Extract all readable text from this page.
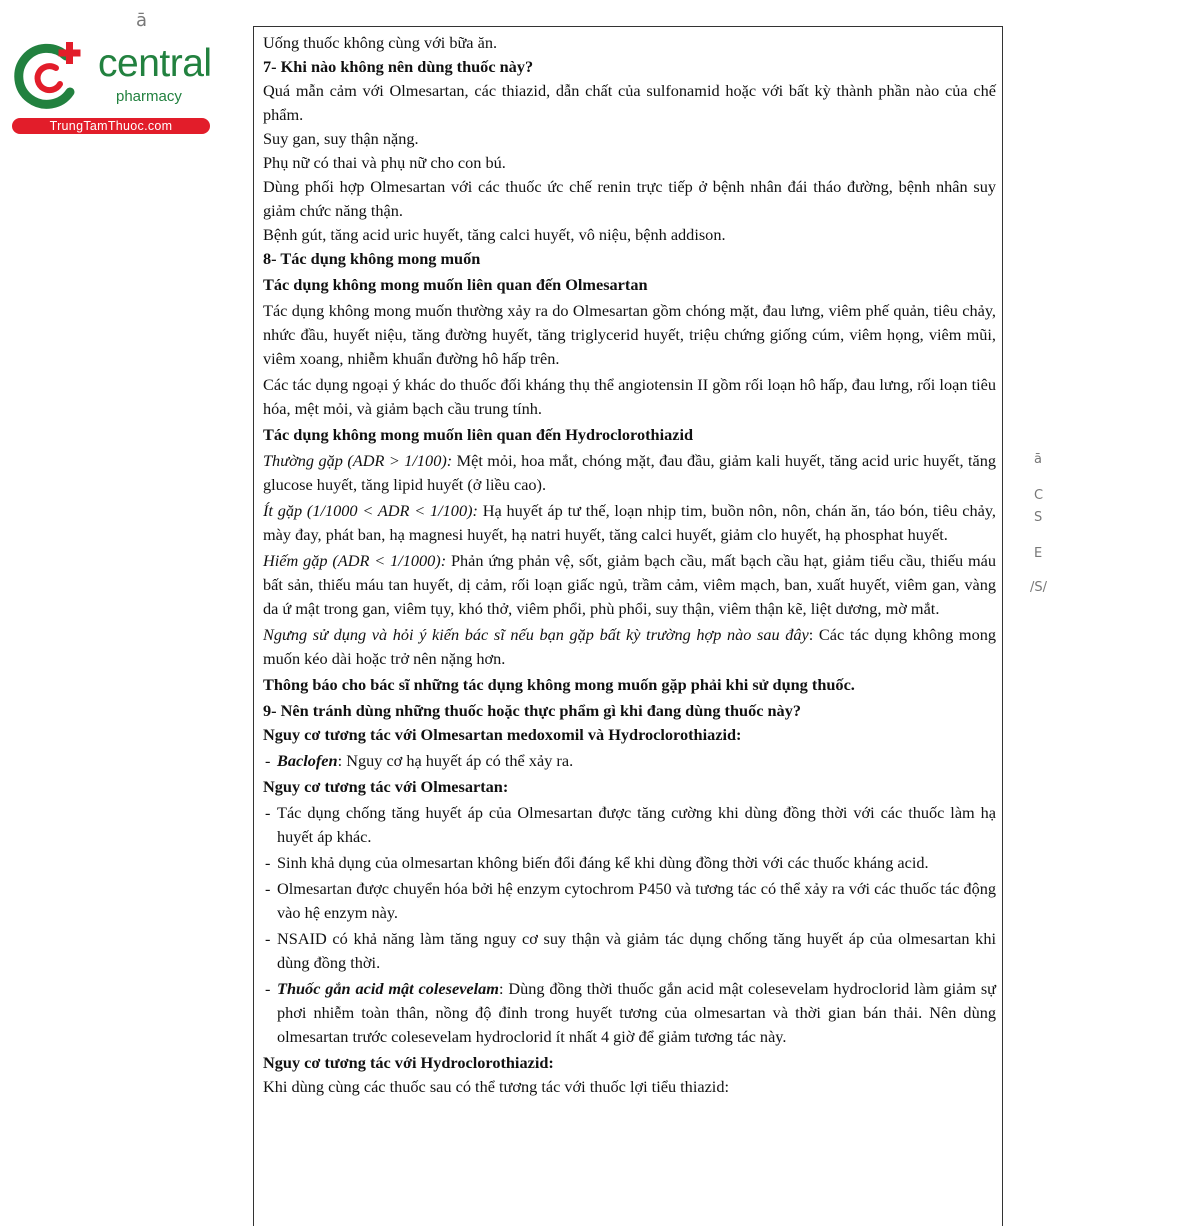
central
pharmacy
TrungTamThuoc.com
ā

Uống thuốc không cùng với bữa ăn.

7- Khi nào không nên dùng thuốc này?

Quá mẫn cảm với Olmesartan, các thiazid, dẫn chất của sulfonamid hoặc với bất kỳ thành phần nào của chế phẩm.

Suy gan, suy thận nặng.

Phụ nữ có thai và phụ nữ cho con bú.

Dùng phối hợp Olmesartan với các thuốc ức chế renin trực tiếp ở bệnh nhân đái tháo đường, bệnh nhân suy giảm chức năng thận.

Bệnh gút, tăng acid uric huyết, tăng calci huyết, vô niệu, bệnh addison.

8- Tác dụng không mong muốn

Tác dụng không mong muốn liên quan đến Olmesartan

Tác dụng không mong muốn thường xảy ra do Olmesartan gồm chóng mặt, đau lưng, viêm phế quản, tiêu chảy, nhức đầu, huyết niệu, tăng đường huyết, tăng triglycerid huyết, triệu chứng giống cúm, viêm họng, viêm mũi, viêm xoang, nhiễm khuẩn đường hô hấp trên.

Các tác dụng ngoại ý khác do thuốc đối kháng thụ thể angiotensin II gồm rối loạn hô hấp, đau lưng, rối loạn tiêu hóa, mệt mỏi, và giảm bạch cầu trung tính.

Tác dụng không mong muốn liên quan đến Hydroclorothiazid

Thường gặp (ADR > 1/100): Mệt mỏi, hoa mắt, chóng mặt, đau đầu, giảm kali huyết, tăng acid uric huyết, tăng glucose huyết, tăng lipid huyết (ở liều cao).

Ít gặp (1/1000 < ADR < 1/100): Hạ huyết áp tư thế, loạn nhịp tim, buồn nôn, nôn, chán ăn, táo bón, tiêu chảy, mày đay, phát ban, hạ magnesi huyết, hạ natri huyết, tăng calci huyết, giảm clo huyết, hạ phosphat huyết.

Hiếm gặp (ADR < 1/1000): Phản ứng phản vệ, sốt, giảm bạch cầu, mất bạch cầu hạt, giảm tiểu cầu, thiếu máu bất sản, thiếu máu tan huyết, dị cảm, rối loạn giấc ngủ, trầm cảm, viêm mạch, ban, xuất huyết, viêm gan, vàng da ứ mật trong gan, viêm tụy, khó thở, viêm phổi, phù phổi, suy thận, viêm thận kẽ, liệt dương, mờ mắt.

Ngưng sử dụng và hỏi ý kiến bác sĩ nếu bạn gặp bất kỳ trường hợp nào sau đây: Các tác dụng không mong muốn kéo dài hoặc trở nên nặng hơn.

Thông báo cho bác sĩ những tác dụng không mong muốn gặp phải khi sử dụng thuốc.

9- Nên tránh dùng những thuốc hoặc thực phẩm gì khi đang dùng thuốc này?

Nguy cơ tương tác với Olmesartan medoxomil và Hydroclorothiazid:

- Baclofen: Nguy cơ hạ huyết áp có thể xảy ra.

Nguy cơ tương tác với Olmesartan:

- Tác dụng chống tăng huyết áp của Olmesartan được tăng cường khi dùng đồng thời với các thuốc làm hạ huyết áp khác.

- Sinh khả dụng của olmesartan không biến đổi đáng kể khi dùng đồng thời với các thuốc kháng acid.

- Olmesartan được chuyển hóa bởi hệ enzym cytochrom P450 và tương tác có thể xảy ra với các thuốc tác động vào hệ enzym này.

- NSAID có khả năng làm tăng nguy cơ suy thận và giảm tác dụng chống tăng huyết áp của olmesartan khi dùng đồng thời.

- Thuốc gắn acid mật colesevelam: Dùng đồng thời thuốc gắn acid mật colesevelam hydroclorid làm giảm sự phơi nhiễm toàn thân, nồng độ đỉnh trong huyết tương của olmesartan và thời gian bán thải. Nên dùng olmesartan trước colesevelam hydroclorid ít nhất 4 giờ để giảm tương tác này.

Nguy cơ tương tác với Hydroclorothiazid:

Khi dùng cùng các thuốc sau có thể tương tác với thuốc lợi tiểu thiazid:

C
S
E
/S/
ā
